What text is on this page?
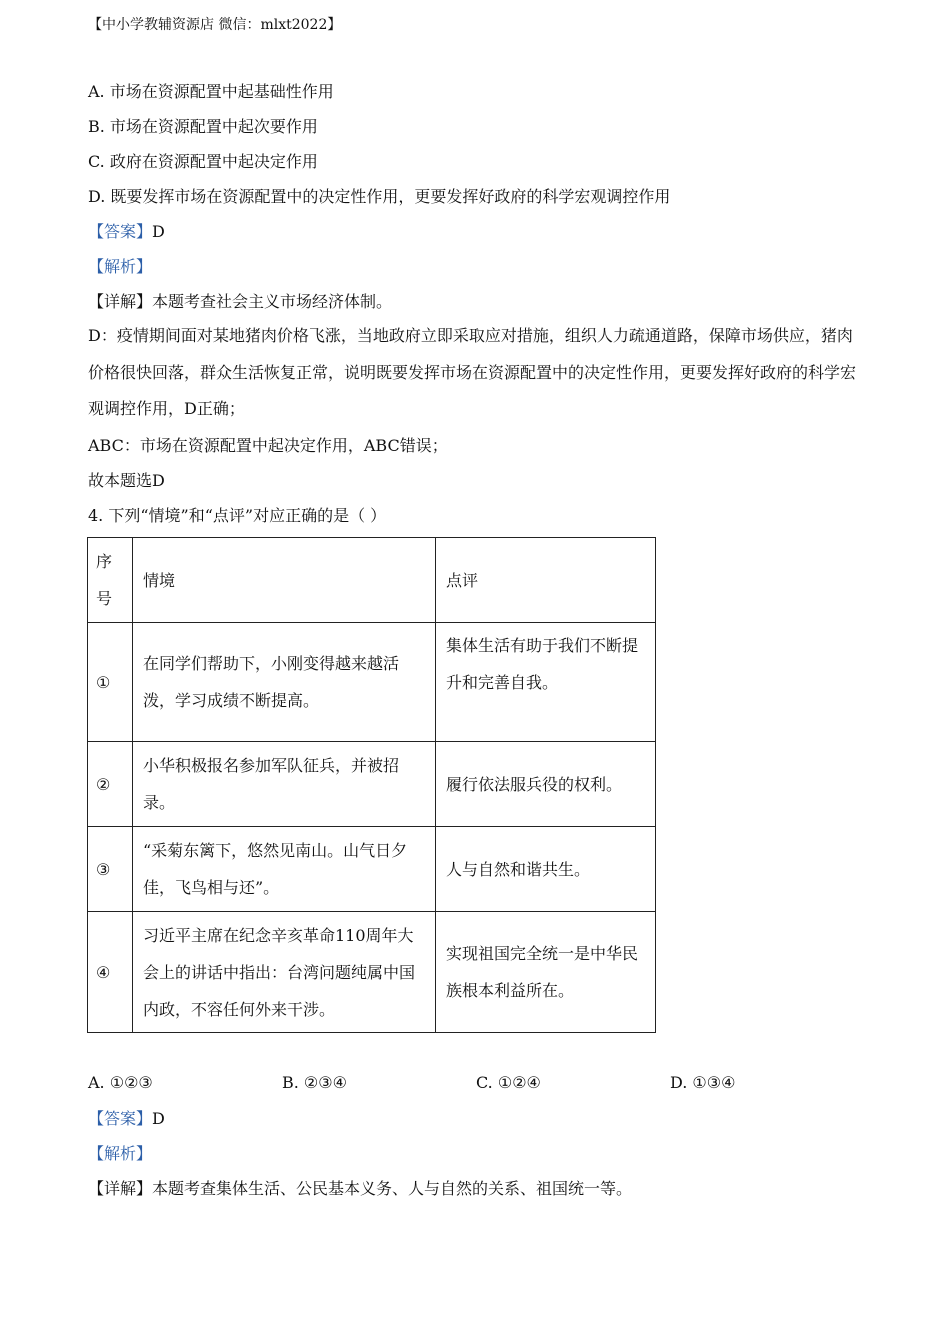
【中小学教辅资源店 微信：mlxt2022】
A. 市场在资源配置中起基础性作用
B. 市场在资源配置中起次要作用
C. 政府在资源配置中起决定作用
D. 既要发挥市场在资源配置中的决定性作用，更要发挥好政府的科学宏观调控作用
【答案】D
【解析】
【详解】本题考查社会主义市场经济体制。
D：疫情期间面对某地猪肉价格飞涨，当地政府立即采取应对措施，组织人力疏通道路，保障市场供应，猪肉价格很快回落，群众生活恢复正常，说明既要发挥市场在资源配置中的决定性作用，更要发挥好政府的科学宏观调控作用，D正确；
ABC：市场在资源配置中起决定作用，ABC错误；
故本题选D
4. 下列“情境”和“点评”对应正确的是（ ）
序号	情境	点评
①	在同学们帮助下，小刚变得越来越活泼，学习成绩不断提高。	集体生活有助于我们不断提升和完善自我。
②	小华积极报名参加军队征兵，并被招录。	履行依法服兵役的权利。
③	“采菊东篱下，悠然见南山。山气日夕佳，飞鸟相与还”。	人与自然和谐共生。
④	习近平主席在纪念辛亥革命110周年大会上的讲话中指出：台湾问题纯属中国内政，不容任何外来干涉。	实现祖国完全统一是中华民族根本利益所在。
A. ①②③	B. ②③④	C. ①②④	D. ①③④
【答案】D
【解析】
【详解】本题考查集体生活、公民基本义务、人与自然的关系、祖国统一等。
